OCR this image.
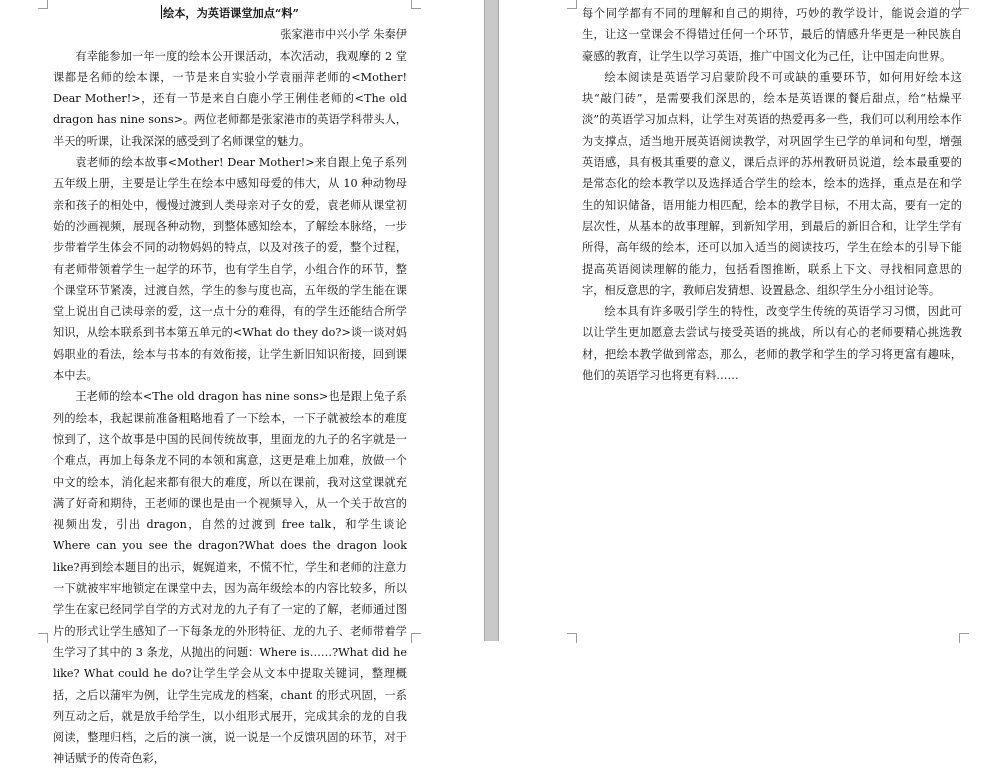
绘本，为英语课堂加点“料”

张家港市中兴小学 朱秦伊

有幸能参加一年一度的绘本公开课活动，本次活动，我观摩的 2 堂课都是名师的绘本课，一节是来自实验小学袁丽萍老师的<Mother! Dear Mother!>，还有一节是来自白鹿小学王俐佳老师的<The old dragon has nine sons>。两位老师都是张家港市的英语学科带头人，半天的听课，让我深深的感受到了名师课堂的魅力。

袁老师的绘本故事<Mother! Dear Mother!>来自跟上兔子系列五年级上册，主要是让学生在绘本中感知母爱的伟大，从 10 种动物母亲和孩子的相处中，慢慢过渡到人类母亲对子女的爱，袁老师从课堂初始的沙画视频，展现各种动物，到整体感知绘本，了解绘本脉络，一步步带着学生体会不同的动物妈妈的特点，以及对孩子的爱，整个过程，有老师带领着学生一起学的环节，也有学生自学，小组合作的环节，整个课堂环节紧凑，过渡自然，学生的参与度也高，五年级的学生能在课堂上说出自己读母亲的爱，这一点十分的难得，有的学生还能结合所学知识，从绘本联系到书本第五单元的<What do they do?>谈一谈对妈妈职业的看法，绘本与书本的有效衔接，让学生新旧知识衔接，回到课本中去。

王老师的绘本<The old dragon has nine sons>也是跟上兔子系列的绘本，我起课前准备粗略地看了一下绘本，一下子就被绘本的难度惊到了，这个故事是中国的民间传统故事，里面龙的九子的名字就是一个难点，再加上每条龙不同的本领和寓意，这更是难上加难，放做一个中文的绘本，消化起来都有很大的难度，所以在课前，我对这堂课就充满了好奇和期待，王老师的课也是由一个视频导入，从一个关于故宫的视频出发，引出 dragon，自然的过渡到 free talk，和学生谈论 Where can you see the dragon?What does the dragon look like?再到绘本题目的出示，娓娓道来，不慌不忙，学生和老师的注意力一下就被牢牢地锁定在课堂中去，因为高年级绘本的内容比较多，所以学生在家已经同学自学的方式对龙的九子有了一定的了解，老师通过图片的形式让学生感知了一下每条龙的外形特征、龙的九子、老师带着学生学习了其中的 3 条龙，从抛出的问题：Where is……?What did he like? What could he do?让学生学会从文本中提取关键词，整理概括，之后以蒲牢为例，让学生完成龙的档案，chant 的形式巩固，一系列互动之后，就是放手给学生，以小组形式展开，完成其余的龙的自我阅读，整理归档，之后的演一演，说一说是一个反馈巩固的环节，对于神话赋予的传奇色彩，

每个同学都有不同的理解和自己的期待，巧妙的教学设计，能说会道的学生，让这一堂课会不得错过任何一个环节，最后的情感升华更是一种民族自豪感的教育，让学生以学习英语，推广中国文化为己任，让中国走向世界。

绘本阅读是英语学习启蒙阶段不可或缺的重要环节，如何用好绘本这块“敲门砖”，是需要我们深思的，绘本是英语课的餐后甜点，给“枯燥平淡”的英语学习加点料，让学生对英语的热爱再多一些，我们可以利用绘本作为支撑点，适当地开展英语阅读教学，对巩固学生已学的单词和句型，增强英语感，具有极其重要的意义，课后点评的苏州教研员说道，绘本最重要的是常态化的绘本教学以及选择适合学生的绘本，绘本的选择，重点是在和学生的知识储备，语用能力相匹配，绘本的教学目标，不用太高，要有一定的层次性，从基本的故事理解，到新知学用，到最后的新旧合和，让学生学有所得，高年级的绘本，还可以加入适当的阅读技巧，学生在绘本的引导下能提高英语阅读理解的能力，包括看图推断，联系上下文、寻找相同意思的字，相反意思的字，教师启发猜想、设置悬念、组织学生分小组讨论等。

绘本具有许多吸引学生的特性，改变学生传统的英语学习习惯，因此可以让学生更加愿意去尝试与接受英语的挑战，所以有心的老师要精心挑选教材，把绘本教学做到常态，那么，老师的教学和学生的学习将更富有趣味，他们的英语学习也将更有料……
